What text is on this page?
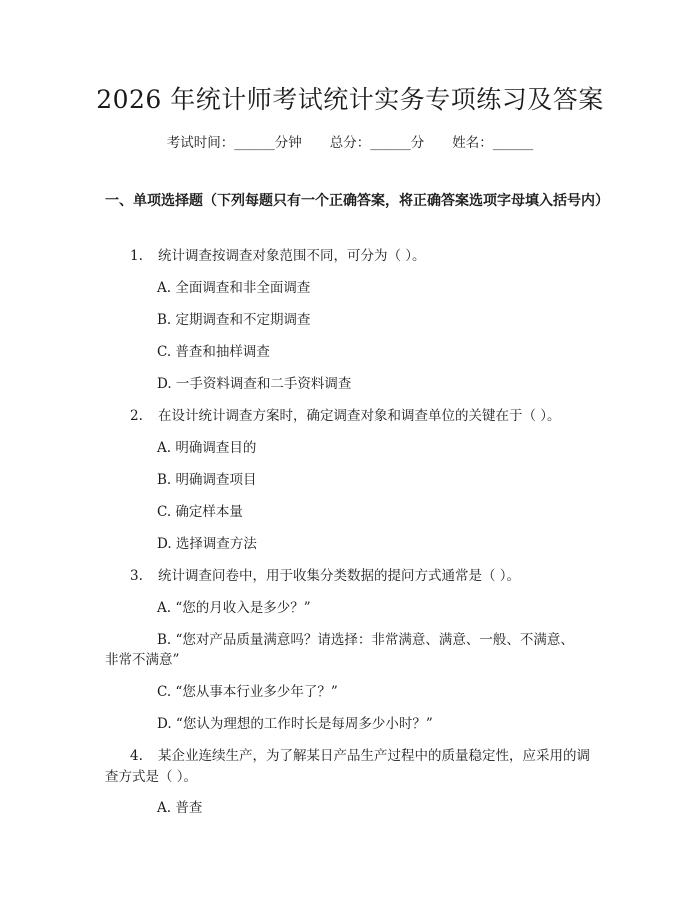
2026 年统计师考试统计实务专项练习及答案
考试时间：______分钟 总分：______分 姓名：______
一、单项选择题（下列每题只有一个正确答案，将正确答案选项字母填入括号内）
1. 统计调查按调查对象范围不同，可分为（ ）。
A. 全面调查和非全面调查
B. 定期调查和不定期调查
C. 普查和抽样调查
D. 一手资料调查和二手资料调查
2. 在设计统计调查方案时，确定调查对象和调查单位的关键在于（ ）。
A. 明确调查目的
B. 明确调查项目
C. 确定样本量
D. 选择调查方法
3. 统计调查问卷中，用于收集分类数据的提问方式通常是（ ）。
A. “您的月收入是多少？”
B. “您对产品质量满意吗？请选择：非常满意、满意、一般、不满意、
非常不满意”
C. “您从事本行业多少年了？”
D. “您认为理想的工作时长是每周多少小时？”
4. 某企业连续生产，为了解某日产品生产过程中的质量稳定性，应采用的调
查方式是（ ）。
A. 普查
